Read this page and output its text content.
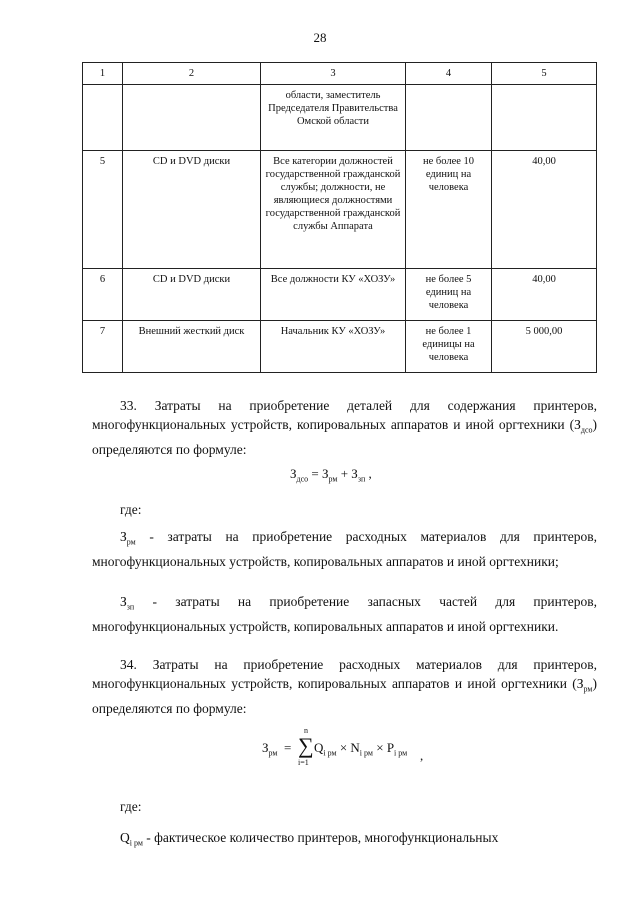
28
1	2	3	4	5
		области, заместитель Председателя Правительства Омской области		
5	CD и DVD диски	Все категории должностей государственной гражданской службы; должности, не являющиеся должностями государственной гражданской службы Аппарата	не более 10 единиц на человека	40,00
6	CD и DVD диски	Все должности КУ «ХОЗУ»	не более 5 единиц на человека	40,00
7	Внешний жесткий диск	Начальник КУ «ХОЗУ»	не более 1 единицы на человека	5 000,00
33. Затраты на приобретение деталей для содержания принтеров, многофункциональных устройств, копировальных аппаратов и иной оргтехники $(З_{дсо})$ определяются по формуле:
$З_{дсо} = З_{рм} + З_{зп}$ ,
где:
$З_{рм}$ - затраты на приобретение расходных материалов для принтеров, многофункциональных устройств, копировальных аппаратов и иной оргтехники;
$З_{зп}$ - затраты на приобретение запасных частей для принтеров, многофункциональных устройств, копировальных аппаратов и иной оргтехники.
34. Затраты на приобретение расходных материалов для принтеров, многофункциональных устройств, копировальных аппаратов и иной оргтехники $(З_{рм})$ определяются по формуле:
$З_{рм}$ = ∑
n
i=1
$Q_{i рм} \times N_{i рм} \times P_{i рм}$ ,
где:
$Q_{i рм}$ - фактическое количество принтеров, многофункциональных
